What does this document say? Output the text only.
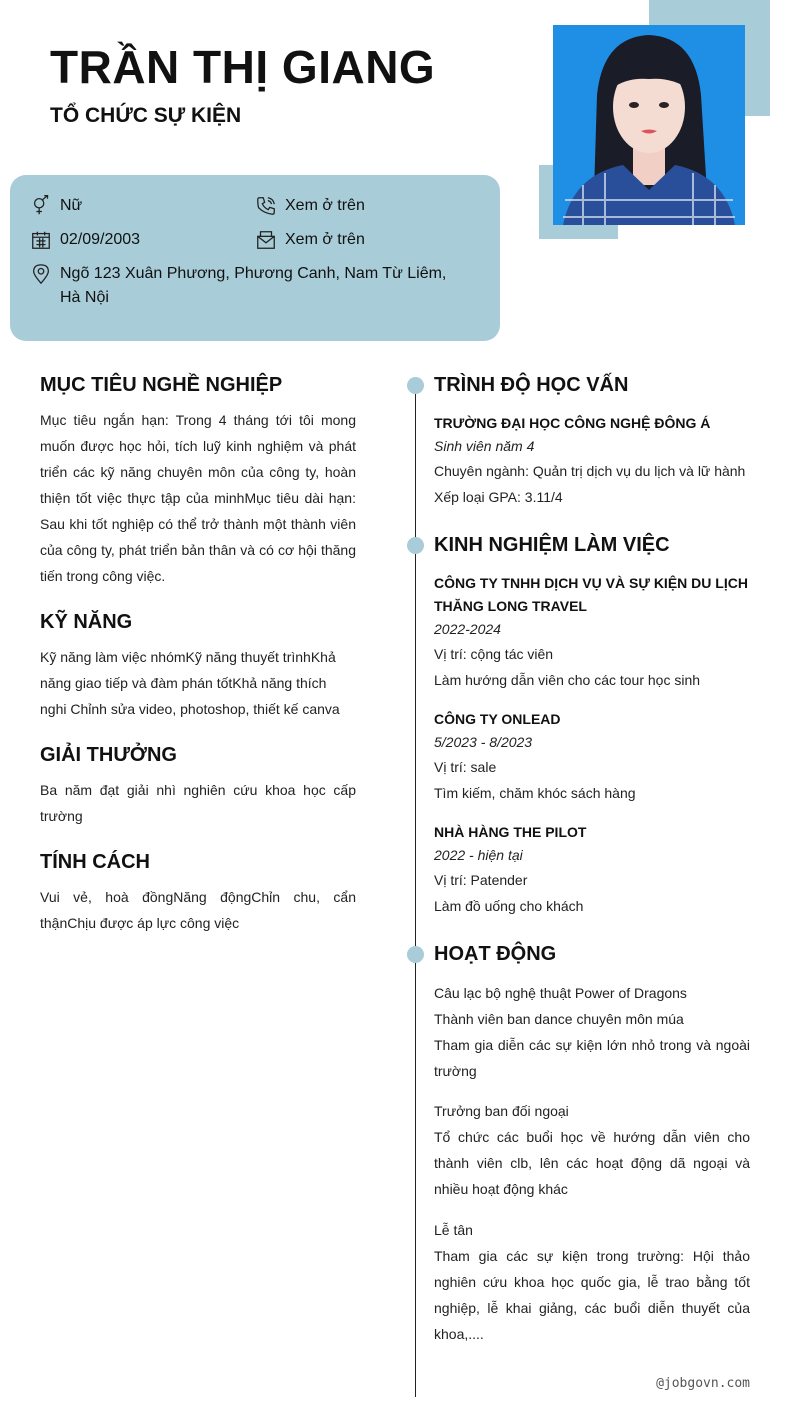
TRẦN THỊ GIANG
TỔ CHỨC SỰ KIỆN
Nữ	Xem ở trên
02/09/2003	Xem ở trên
Ngõ 123 Xuân Phương, Phương Canh, Nam Từ Liêm, Hà Nội
MỤC TIÊU NGHỀ NGHIỆP
Mục tiêu ngắn hạn: Trong 4 tháng tới tôi mong muốn được học hỏi, tích luỹ kinh nghiệm và phát triển các kỹ năng chuyên môn của công ty, hoàn thiện tốt việc thực tập của minhMục tiêu dài hạn: Sau khi tốt nghiệp có thể trở thành một thành viên của công ty, phát triển bản thân và có cơ hội thăng tiến trong công việc.
KỸ NĂNG
Kỹ năng làm việc nhómKỹ năng thuyết trìnhKhả năng giao tiếp và đàm phán tốtKhả năng thích nghi Chỉnh sửa video, photoshop, thiết kế canva
GIẢI THƯỞNG
Ba năm đạt giải nhì nghiên cứu khoa học cấp trường
TÍNH CÁCH
Vui vẻ, hoà đồngNăng độngChỉn chu, cẩn thậnChịu được áp lực công việc
TRÌNH ĐỘ HỌC VẤN
TRƯỜNG ĐẠI HỌC CÔNG NGHỆ ĐÔNG Á
Sinh viên năm 4
Chuyên ngành: Quản trị dịch vụ du lịch và lữ hành
Xếp loại GPA: 3.11/4
KINH NGHIỆM LÀM VIỆC
CÔNG TY TNHH DỊCH VỤ VÀ SỰ KIỆN DU LỊCH THĂNG LONG TRAVEL
2022-2024
Vị trí: cộng tác viên
Làm hướng dẫn viên cho các tour học sinh
CÔNG TY ONLEAD
5/2023 - 8/2023
Vị trí: sale
Tìm kiếm, chăm khóc sách hàng
NHÀ HÀNG THE PILOT
2022 - hiện tại
Vị trí: Patender
Làm đồ uống cho khách
HOẠT ĐỘNG
Câu lạc bộ nghệ thuật Power of Dragons
Thành viên ban dance chuyên môn múa
Tham gia diễn các sự kiện lớn nhỏ trong và ngoài trường
Trưởng ban đối ngoại
Tổ chức các buổi học về hướng dẫn viên cho thành viên clb, lên các hoạt động dã ngoại và nhiều hoạt động khác
Lễ tân
Tham gia các sự kiện trong trường: Hội thảo nghiên cứu khoa học quốc gia, lễ trao bằng tốt nghiệp, lễ khai giảng, các buổi diễn thuyết của khoa,....
@jobgovn.com
